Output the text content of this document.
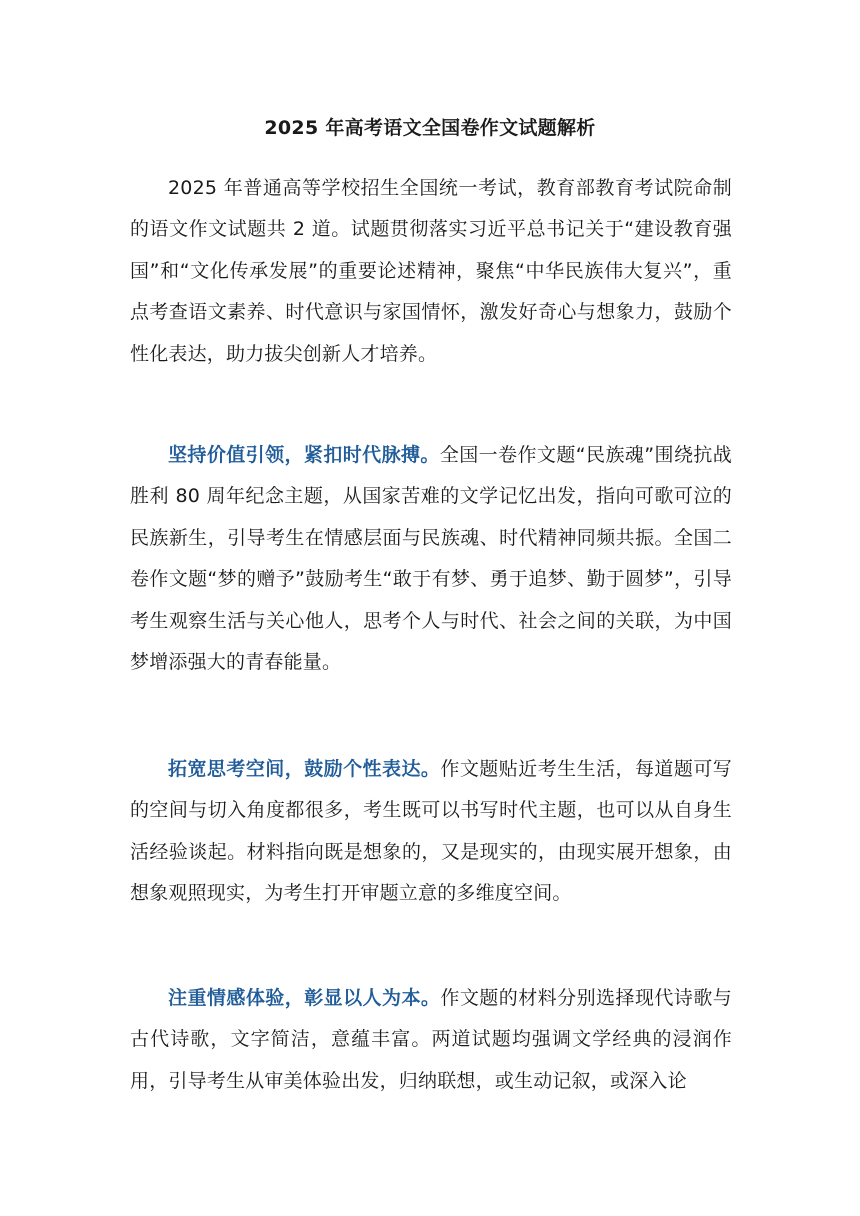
2025 年高考语文全国卷作文试题解析

2025 年普通高等学校招生全国统一考试，教育部教育考试院命制的语文作文试题共 2 道。试题贯彻落实习近平总书记关于“建设教育强国”和“文化传承发展”的重要论述精神，聚焦“中华民族伟大复兴”，重点考查语文素养、时代意识与家国情怀，激发好奇心与想象力，鼓励个性化表达，助力拔尖创新人才培养。

坚持价值引领，紧扣时代脉搏。全国一卷作文题“民族魂”围绕抗战胜利 80 周年纪念主题，从国家苦难的文学记忆出发，指向可歌可泣的民族新生，引导考生在情感层面与民族魂、时代精神同频共振。全国二卷作文题“梦的赠予”鼓励考生“敢于有梦、勇于追梦、勤于圆梦”，引导考生观察生活与关心他人，思考个人与时代、社会之间的关联，为中国梦增添强大的青春能量。

拓宽思考空间，鼓励个性表达。作文题贴近考生生活，每道题可写的空间与切入角度都很多，考生既可以书写时代主题，也可以从自身生活经验谈起。材料指向既是想象的，又是现实的，由现实展开想象，由想象观照现实，为考生打开审题立意的多维度空间。

注重情感体验，彰显以人为本。作文题的材料分别选择现代诗歌与古代诗歌，文字简洁，意蕴丰富。两道试题均强调文学经典的浸润作用，引导考生从审美体验出发，归纳联想，或生动记叙，或深入论
